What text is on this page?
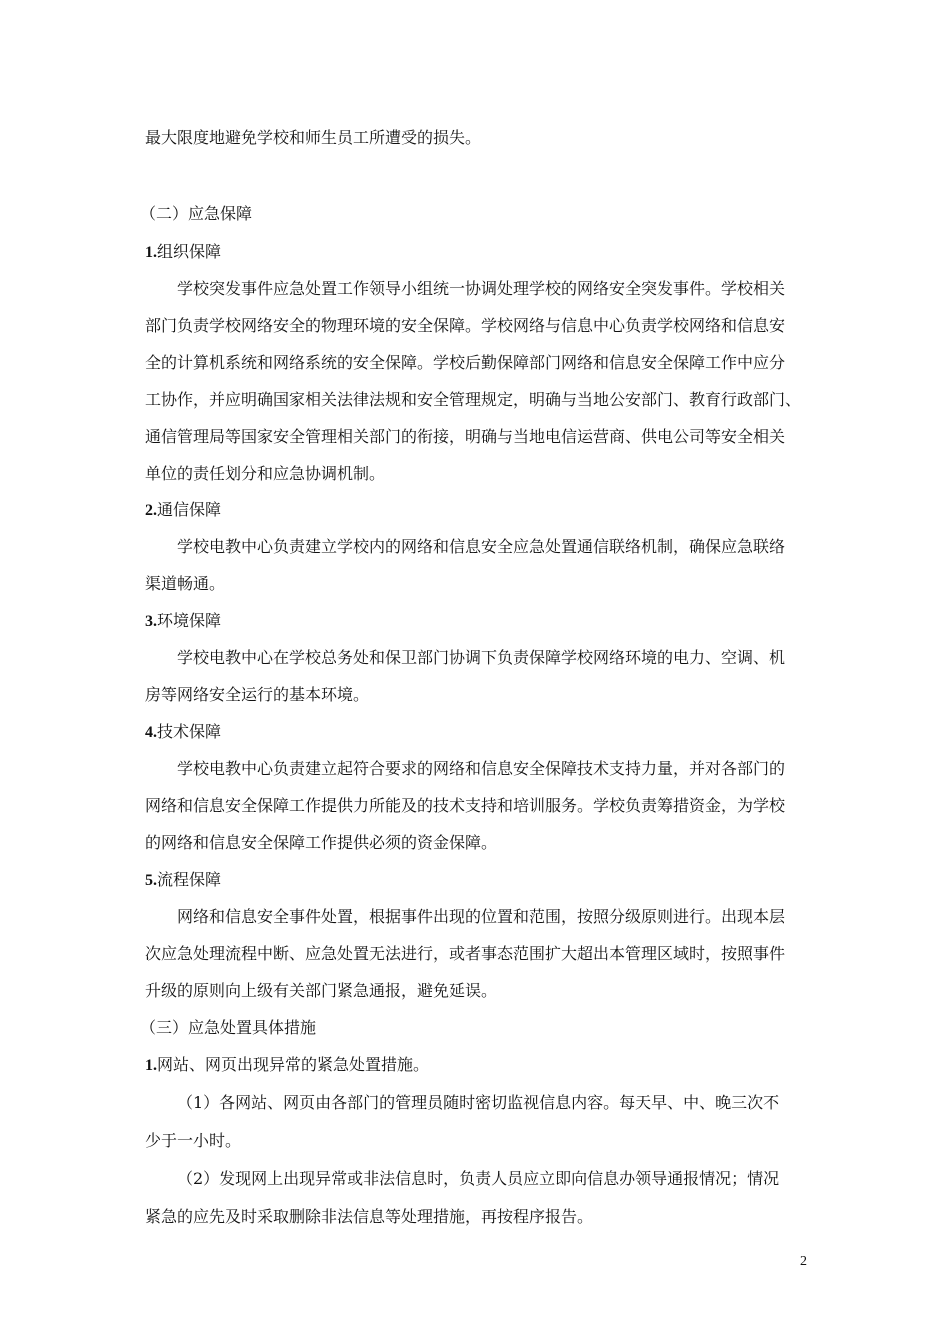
最大限度地避免学校和师生员工所遭受的损失。
（二）应急保障
1.组织保障
学校突发事件应急处置工作领导小组统一协调处理学校的网络安全突发事件。学校相关
部门负责学校网络安全的物理环境的安全保障。学校网络与信息中心负责学校网络和信息安
全的计算机系统和网络系统的安全保障。学校后勤保障部门网络和信息安全保障工作中应分
工协作，并应明确国家相关法律法规和安全管理规定，明确与当地公安部门、教育行政部门、
通信管理局等国家安全管理相关部门的衔接，明确与当地电信运营商、供电公司等安全相关
单位的责任划分和应急协调机制。
2.通信保障
学校电教中心负责建立学校内的网络和信息安全应急处置通信联络机制，确保应急联络
渠道畅通。
3.环境保障
学校电教中心在学校总务处和保卫部门协调下负责保障学校网络环境的电力、空调、机
房等网络安全运行的基本环境。
4.技术保障
学校电教中心负责建立起符合要求的网络和信息安全保障技术支持力量，并对各部门的
网络和信息安全保障工作提供力所能及的技术支持和培训服务。学校负责筹措资金，为学校
的网络和信息安全保障工作提供必须的资金保障。
5.流程保障
网络和信息安全事件处置，根据事件出现的位置和范围，按照分级原则进行。出现本层
次应急处理流程中断、应急处置无法进行，或者事态范围扩大超出本管理区域时，按照事件
升级的原则向上级有关部门紧急通报，避免延误。
（三）应急处置具体措施
1.网站、网页出现异常的紧急处置措施。
（1）各网站、网页由各部门的管理员随时密切监视信息内容。每天早、中、晚三次不
少于一小时。
（2）发现网上出现异常或非法信息时，负责人员应立即向信息办领导通报情况；情况
紧急的应先及时采取删除非法信息等处理措施，再按程序报告。
2
